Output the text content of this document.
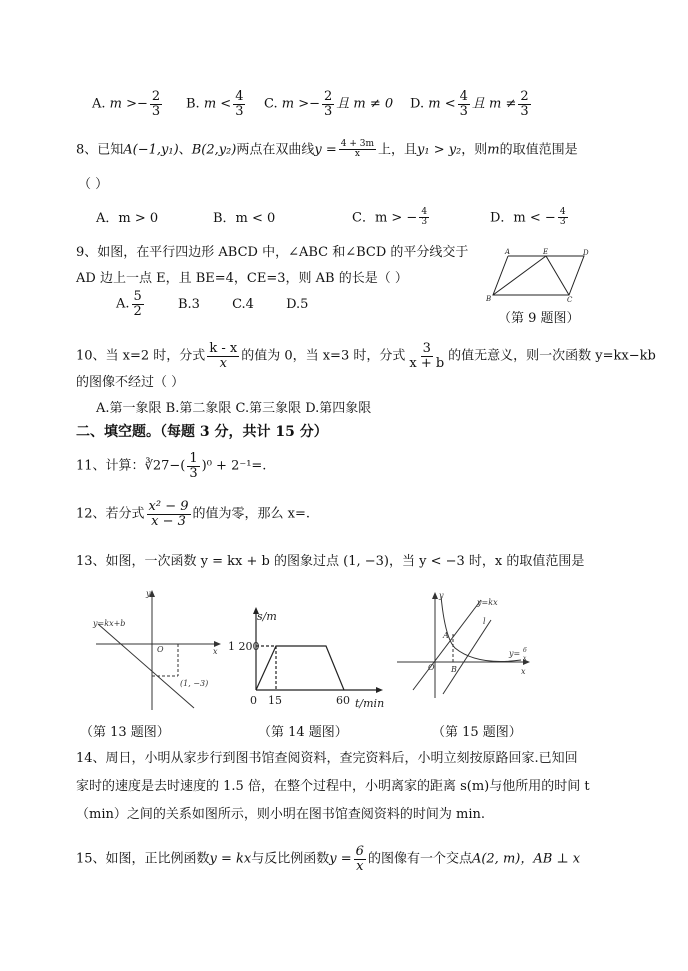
A. $m >- \frac{2}{3} B$. $m < \frac{4}{3} C$. $m >- \frac{2}{3}$ 且 m ≠ 0 D. $m < \frac{4}{3}$ 且 $m \ne \frac{2}{3}$
8、已知A(−1,y₁)、B(2,y₂)两点在双曲线$y = \frac{4 + 3m}{x}$ 上，且y₁ > y₂，则m的取值范围是
（ ）
A．m > 0	B．m < 0	C．m > − $\frac{4}{3}$	D．m < − $\frac{4}{3}$
9、如图，在平行四边形 ABCD 中，∠ABC 和∠BCD 的平分线交于
AD 边上一点 E，且 BE=4，CE=3，则 AB 的长是（ ）
A. $\frac{5}{2}$	B.3 C.4 D.5
A	E	D
B	C
（第 9 题图）
10、当 x=2 时，分式 $\frac{k - x}{x}$ 的值为 0，当 x=3 时，分式 $\frac{3}{x + b}$ 的值无意义，则一次函数 y=kx−kb
的图像不经过（ ）
A.第一象限 B.第二象限 C.第三象限 D.第四象限
二、填空题。（每题 3 分，共计 15 分）
11、计算：∛27−( $\frac{1}{3} )^0 + 2^{-1}=$.
12、若分式 $\frac{\text{x² − 9}}{x - 3}$ 的值为零，那么 x=.
13、如图，一次函数 y = kx + b 的图象过点 (1, −3)，当 y < −3 时，x 的取值范围是
y=kx+b
y
x
O
(1, −3)
（第 13 题图）
s/m
1 200
0 15	60 t/min
（第 14 题图）
y
x
O
A
B
l
y=kx
y= 6
x
（第 15 题图）
14、周日，小明从家步行到图书馆查阅资料，查完资料后，小明立刻按原路回家.已知回
家时的速度是去时速度的 1.5 倍，在整个过程中，小明离家的距离 s(m)与他所用的时间 t
（min）之间的关系如图所示，则小明在图书馆查阅资料的时间为 min.
15、如图，正比例函数y = kx与反比例函数$y = \frac{6}{x}$ 的图像有一个交点A(2, m)，AB ⊥ x
